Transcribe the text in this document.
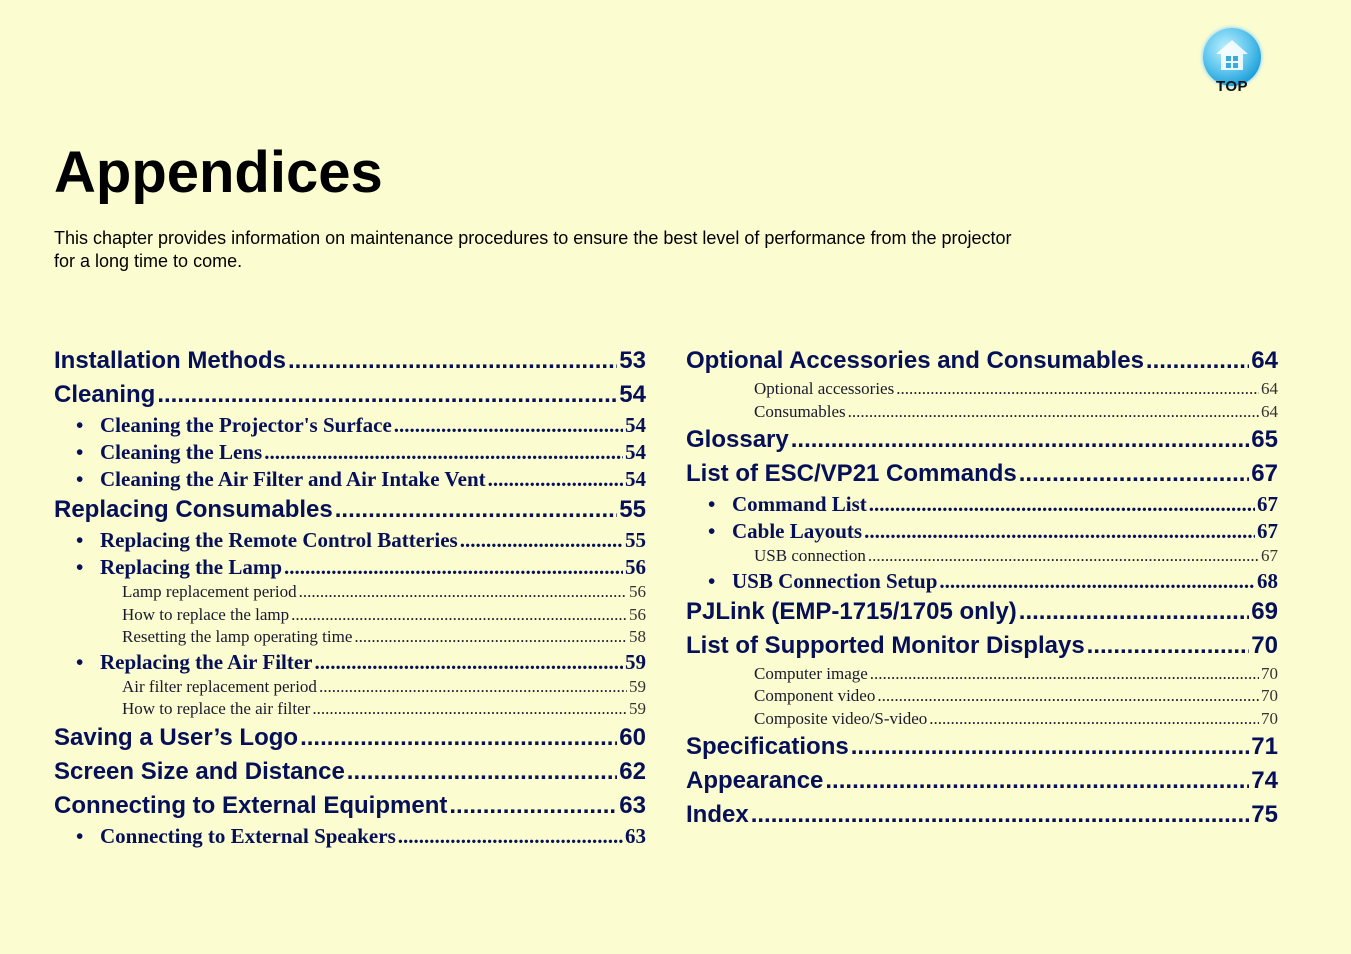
TOP
Appendices

This chapter provides information on maintenance procedures to ensure the best level of performance from the projector for a long time to come.

Installation Methods .....	53
Cleaning .....	54
• Cleaning the Projector's Surface .....	54
• Cleaning the Lens .....	54
• Cleaning the Air Filter and Air Intake Vent .....	54
Replacing Consumables .....	55
• Replacing the Remote Control Batteries .....	55
• Replacing the Lamp .....	56
Lamp replacement period .....	56
How to replace the lamp .....	56
Resetting the lamp operating time .....	58
• Replacing the Air Filter .....	59
Air filter replacement period .....	59
How to replace the air filter .....	59
Saving a User’s Logo .....	60
Screen Size and Distance .....	62
Connecting to External Equipment .....	63
• Connecting to External Speakers .....	63
Optional Accessories and Consumables .....	64
Optional accessories .....	64
Consumables .....	64
Glossary .....	65
List of ESC/VP21 Commands .....	67
• Command List .....	67
• Cable Layouts .....	67
USB connection .....	67
• USB Connection Setup .....	68
PJLink (EMP-1715/1705 only) .....	69
List of Supported Monitor Displays .....	70
Computer image .....	70
Component video .....	70
Composite video/S-video .....	70
Specifications .....	71
Appearance .....	74
Index .....	75
